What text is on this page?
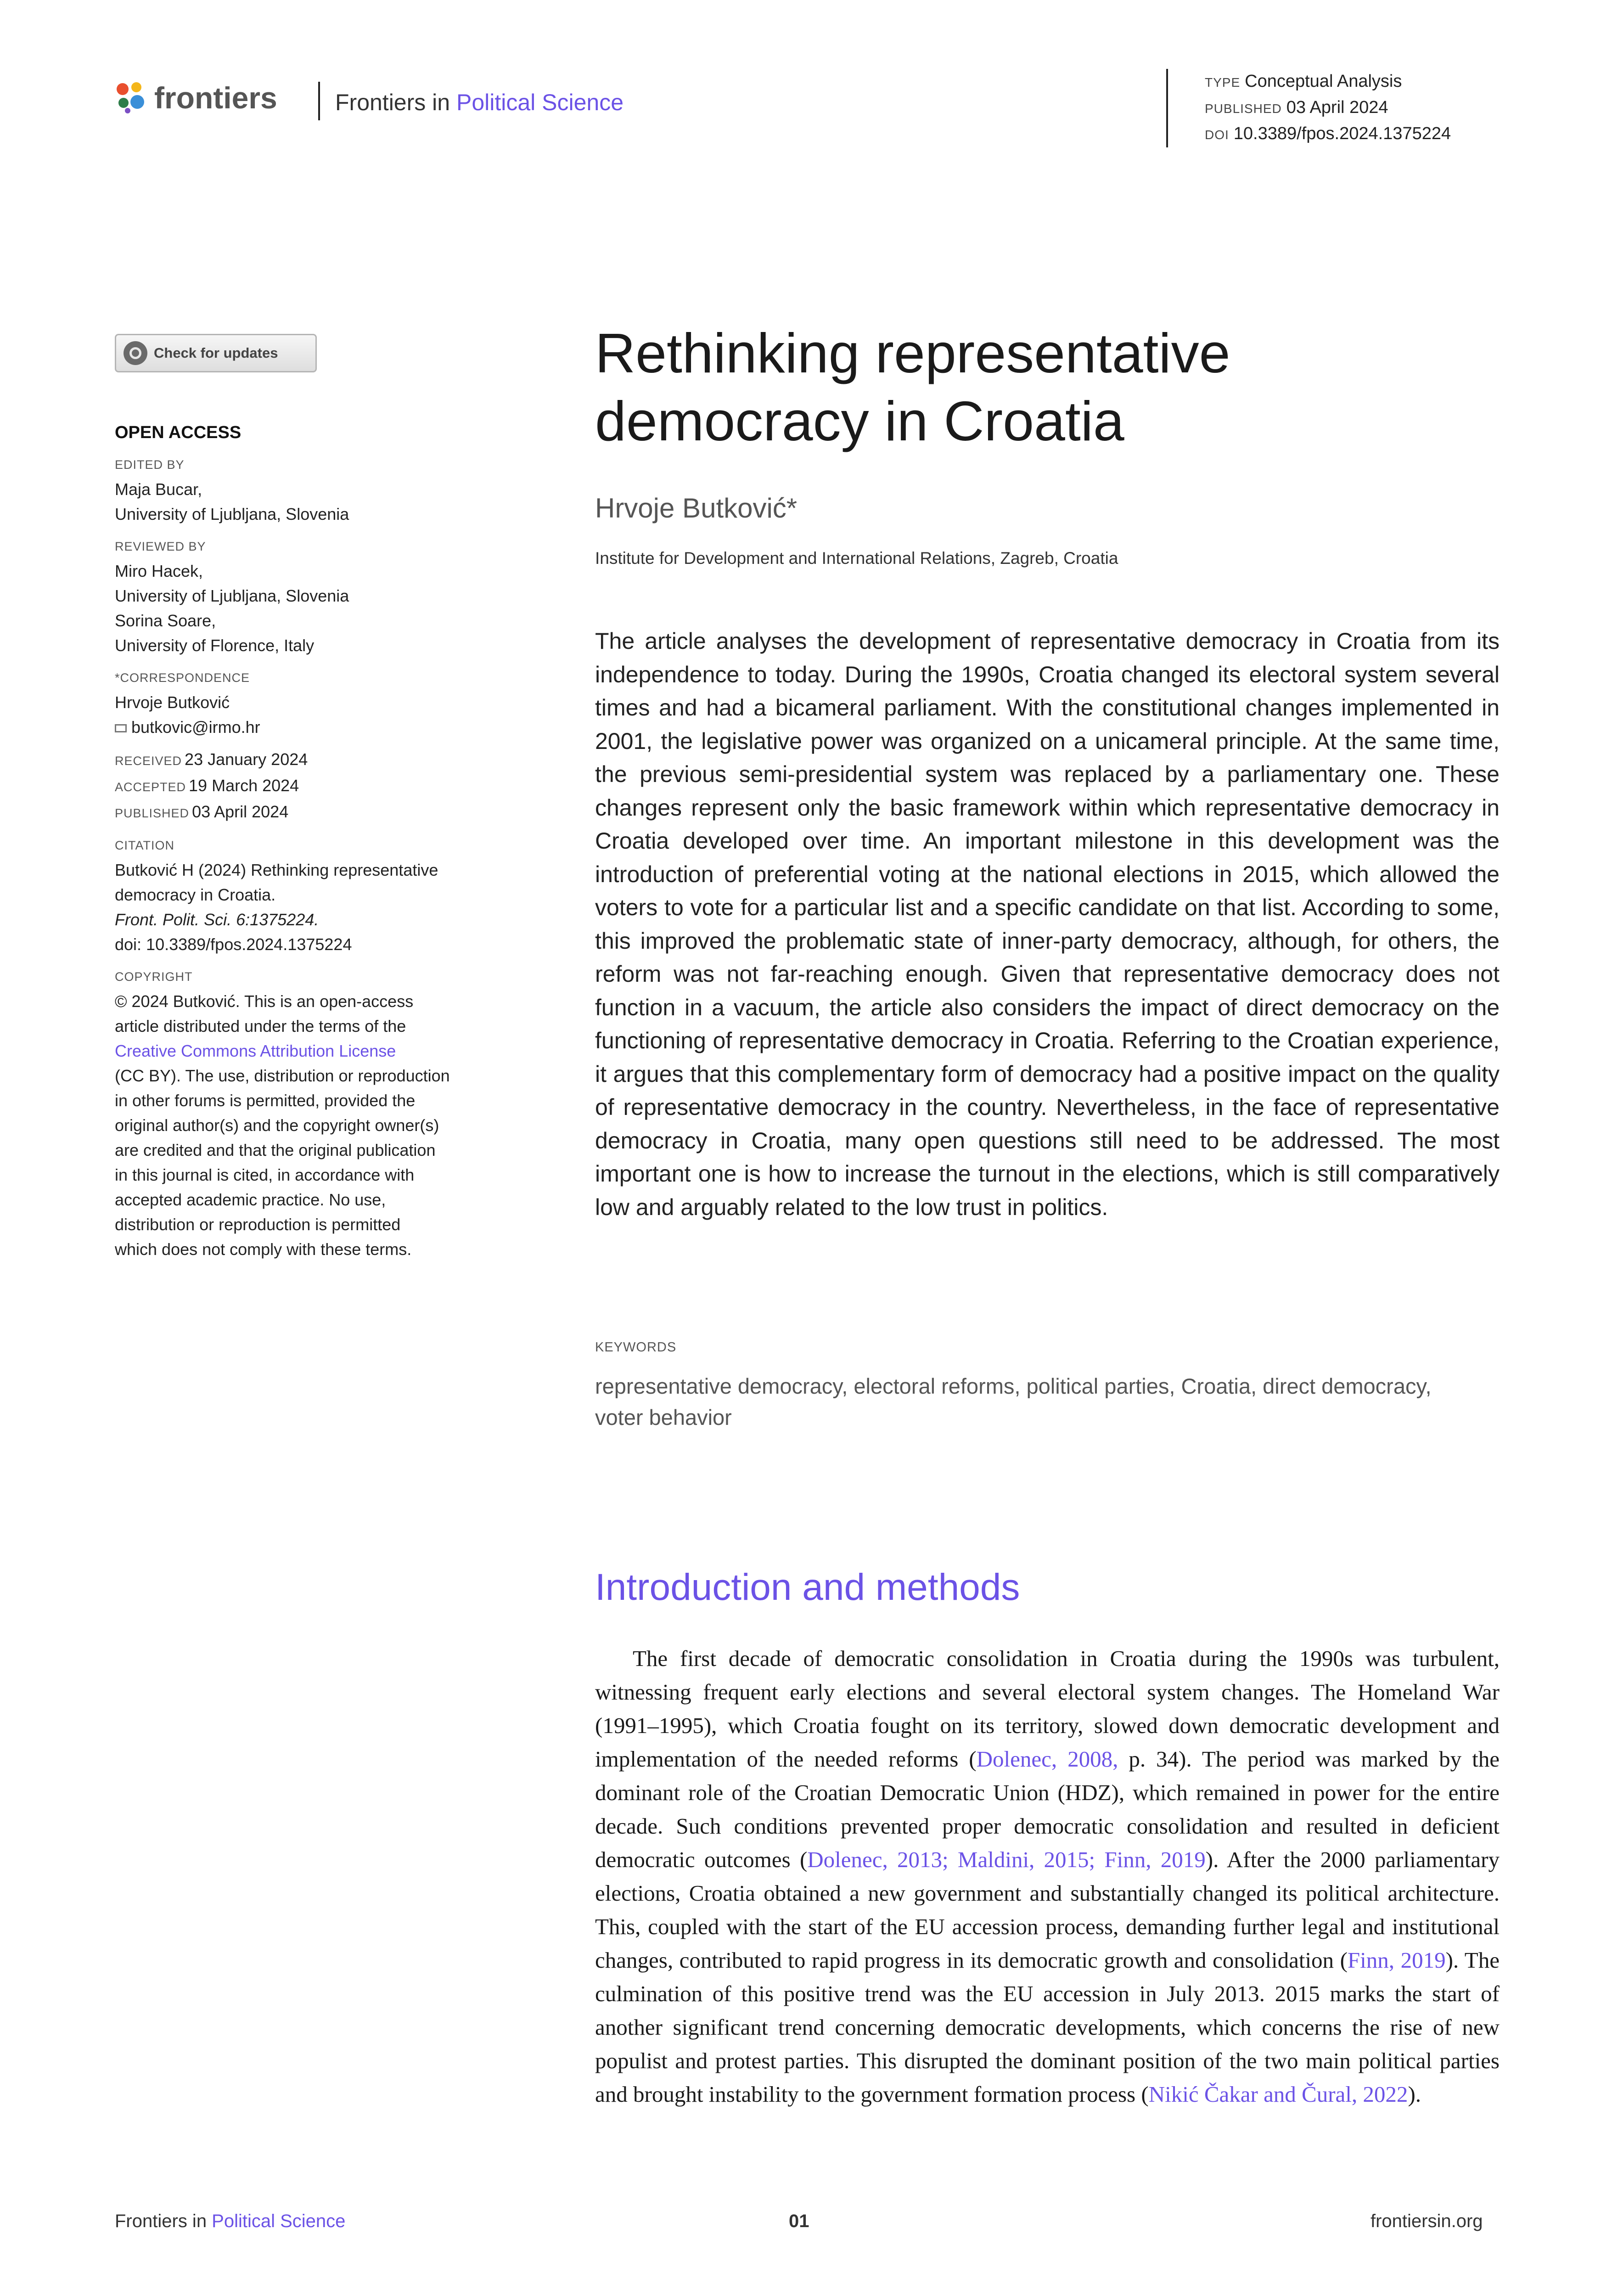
frontiers	Frontiers in Political Science
TYPE Conceptual Analysis
PUBLISHED 03 April 2024
DOI 10.3389/fpos.2024.1375224
Check for updates
OPEN ACCESS
EDITED BY
Maja Bucar,
University of Ljubljana, Slovenia
REVIEWED BY
Miro Hacek,
University of Ljubljana, Slovenia
Sorina Soare,
University of Florence, Italy
*CORRESPONDENCE
Hrvoje Butković
butkovic@irmo.hr
RECEIVED 23 January 2024
ACCEPTED 19 March 2024
PUBLISHED 03 April 2024
CITATION
Butković H (2024) Rethinking representative
democracy in Croatia.
Front. Polit. Sci. 6:1375224.
doi: 10.3389/fpos.2024.1375224
COPYRIGHT
© 2024 Butković. This is an open-access
article distributed under the terms of the
Creative Commons Attribution License
(CC BY). The use, distribution or reproduction
in other forums is permitted, provided the
original author(s) and the copyright owner(s)
are credited and that the original publication
in this journal is cited, in accordance with
accepted academic practice. No use,
distribution or reproduction is permitted
which does not comply with these terms.
Rethinking representative democracy in Croatia
Hrvoje Butković*
Institute for Development and International Relations, Zagreb, Croatia
The article analyses the development of representative democracy in Croatia from its independence to today. During the 1990s, Croatia changed its electoral system several times and had a bicameral parliament. With the constitutional changes implemented in 2001, the legislative power was organized on a unicameral principle. At the same time, the previous semi-presidential system was replaced by a parliamentary one. These changes represent only the basic framework within which representative democracy in Croatia developed over time. An important milestone in this development was the introduction of preferential voting at the national elections in 2015, which allowed the voters to vote for a particular list and a specific candidate on that list. According to some, this improved the problematic state of inner-party democracy, although, for others, the reform was not far-reaching enough. Given that representative democracy does not function in a vacuum, the article also considers the impact of direct democracy on the functioning of representative democracy in Croatia. Referring to the Croatian experience, it argues that this complementary form of democracy had a positive impact on the quality of representative democracy in the country. Nevertheless, in the face of representative democracy in Croatia, many open questions still need to be addressed. The most important one is how to increase the turnout in the elections, which is still comparatively low and arguably related to the low trust in politics.
KEYWORDS
representative democracy, electoral reforms, political parties, Croatia, direct democracy, voter behavior
Introduction and methods
The first decade of democratic consolidation in Croatia during the 1990s was turbulent, witnessing frequent early elections and several electoral system changes. The Homeland War (1991–1995), which Croatia fought on its territory, slowed down democratic development and implementation of the needed reforms (Dolenec, 2008, p. 34). The period was marked by the dominant role of the Croatian Democratic Union (HDZ), which remained in power for the entire decade. Such conditions prevented proper democratic consolidation and resulted in deficient democratic outcomes (Dolenec, 2013; Maldini, 2015; Finn, 2019). After the 2000 parliamentary elections, Croatia obtained a new government and substantially changed its political architecture. This, coupled with the start of the EU accession process, demanding further legal and institutional changes, contributed to rapid progress in its democratic growth and consolidation (Finn, 2019). The culmination of this positive trend was the EU accession in July 2013. 2015 marks the start of another significant trend concerning democratic developments, which concerns the rise of new populist and protest parties. This disrupted the dominant position of the two main political parties and brought instability to the government formation process (Nikić Čakar and Čural, 2022).
Frontiers in Political Science	01	frontiersin.org
